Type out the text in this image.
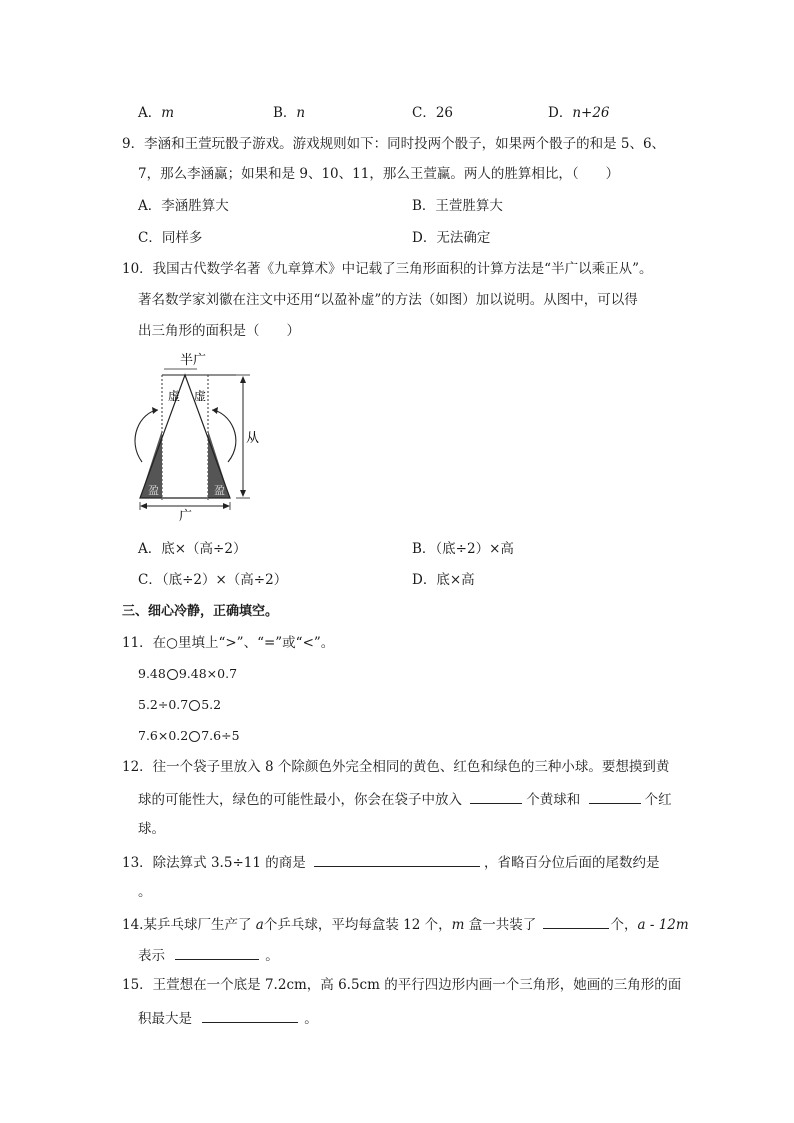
A．m	B．n	C．26	D．n+26
9．李涵和王萱玩骰子游戏。游戏规则如下：同时投两个骰子，如果两个骰子的和是 5、6、
7，那么李涵赢；如果和是 9、10、11，那么王萱赢。两人的胜算相比，（　　）
A．李涵胜算大	B．王萱胜算大
C．同样多	D．无法确定
10．我国古代数学名著《九章算术》中记载了三角形面积的计算方法是“半广以乘正从”。
著名数学家刘徽在注文中还用“以盈补虚”的方法（如图）加以说明。从图中，可以得
出三角形的面积是（　　）
半广
虚 虚
盈	盈
从
广
A．底×（高÷2）	B．（底÷2）×高
C．（底÷2）×（高÷2）	D．底×高
三、细心冷静，正确填空。
11．在○里填上“>”、“=”或“<”。
9.48 9.48×0.7
5.2÷0.7 5.2
7.6×0.2 7.6÷5
12．往一个袋子里放入 8 个除颜色外完全相同的黄色、红色和绿色的三种小球。要想摸到黄
球的可能性大，绿色的可能性最小，你会在袋子中放入	个黄球和	个红
球。
13．除法算式 3.5÷11 的商是	，省略百分位后面的尾数约是
。
14.某乒乓球厂生产了 a个乒乓球，平均每盒装 12 个，m 盒一共装了	个，a - 12m
表示	。
15．王萱想在一个底是 7.2cm，高 6.5cm 的平行四边形内画一个三角形，她画的三角形的面
积最大是	。
